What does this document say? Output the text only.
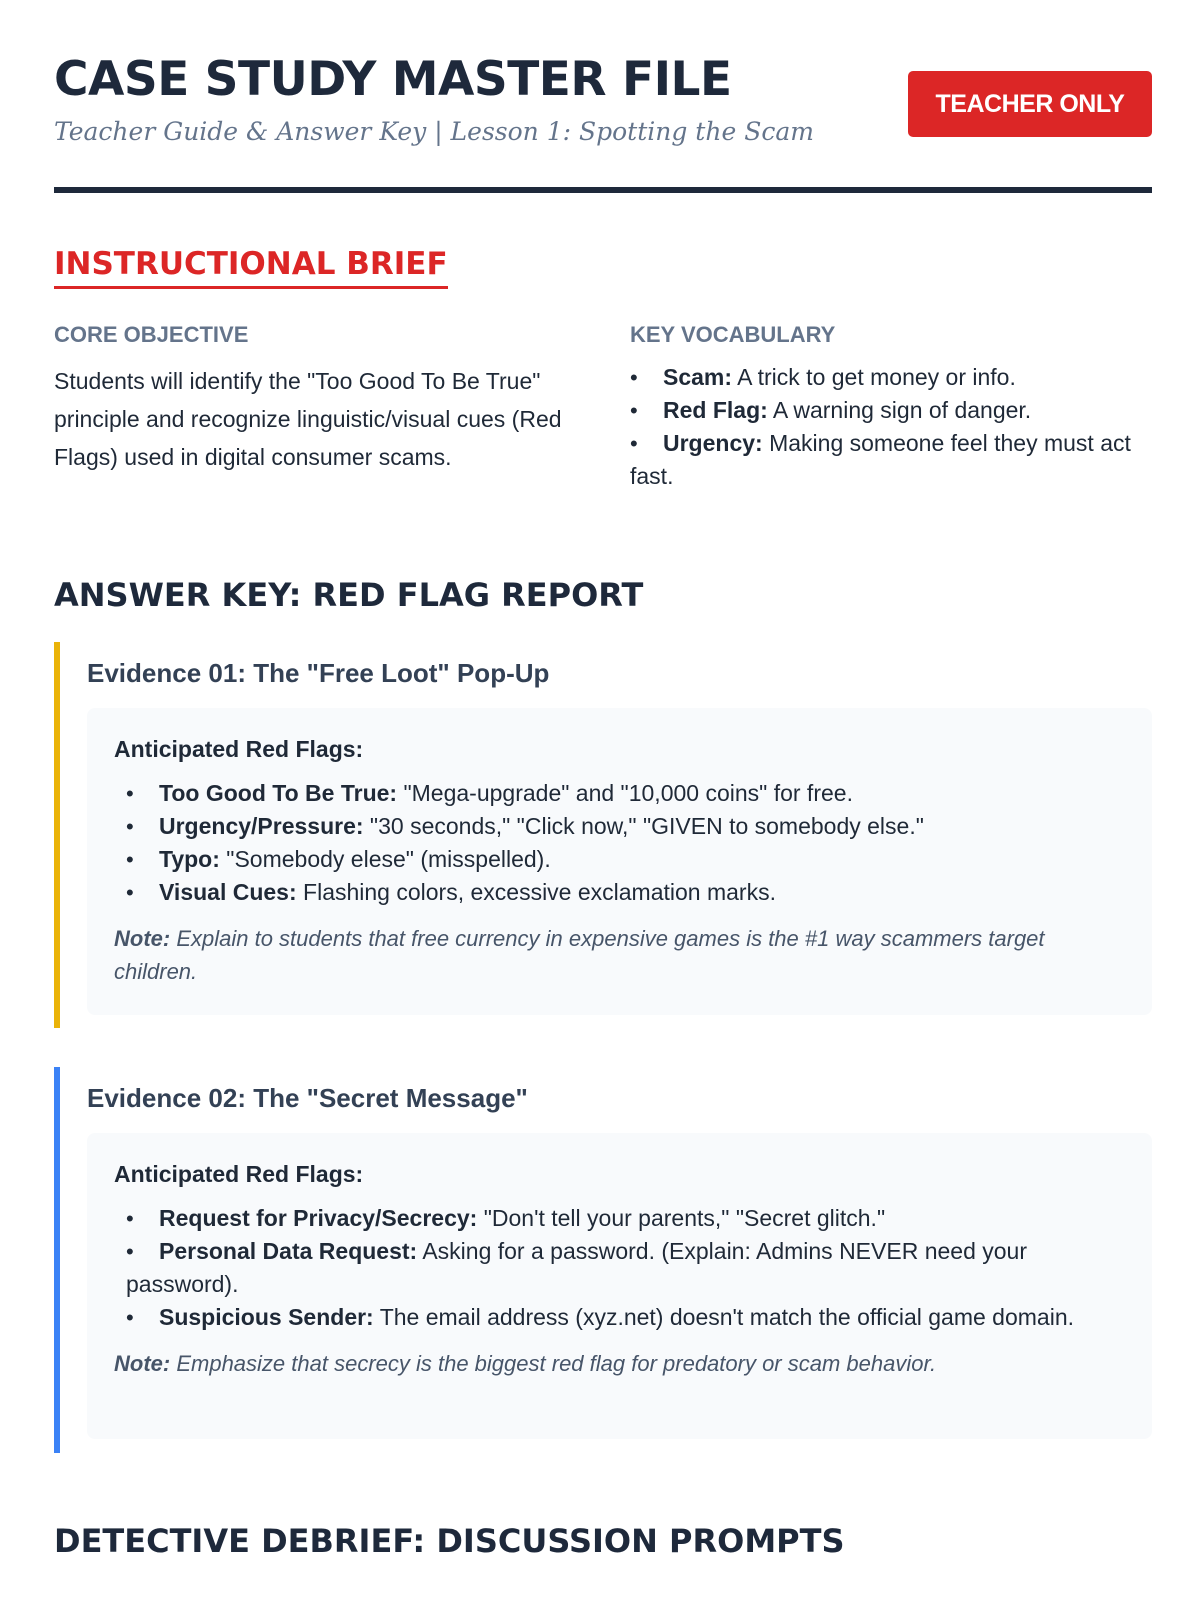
CASE STUDY MASTER FILE

Teacher Guide & Answer Key | Lesson 1: Spotting the Scam

TEACHER ONLY
INSTRUCTIONAL BRIEF
CORE OBJECTIVE

Students will identify the "Too Good To Be True" principle and recognize linguistic/visual cues (Red Flags) used in digital consumer scams.

KEY VOCABULARY
•Scam: A trick to get money or info.
•Red Flag: A warning sign of danger.
•Urgency: Making someone feel they must act fast.
ANSWER KEY: RED FLAG REPORT
Evidence 01: The "Free Loot" Pop-Up

Anticipated Red Flags:

•Too Good To Be True: "Mega-upgrade" and "10,000 coins" for free.
•Urgency/Pressure: "30 seconds," "Click now," "GIVEN to somebody else."
•Typo: "Somebody elese" (misspelled).
•Visual Cues: Flashing colors, excessive exclamation marks.

Note: Explain to students that free currency in expensive games is the #1 way scammers target children.

Evidence 02: The "Secret Message"

Anticipated Red Flags:

•Request for Privacy/Secrecy: "Don't tell your parents," "Secret glitch."
•Personal Data Request: Asking for a password. (Explain: Admins NEVER need your password).
•Suspicious Sender: The email address (xyz.net) doesn't match the official game domain.

Note: Emphasize that secrecy is the biggest red flag for predatory or scam behavior.

DETECTIVE DEBRIEF: DISCUSSION PROMPTS
